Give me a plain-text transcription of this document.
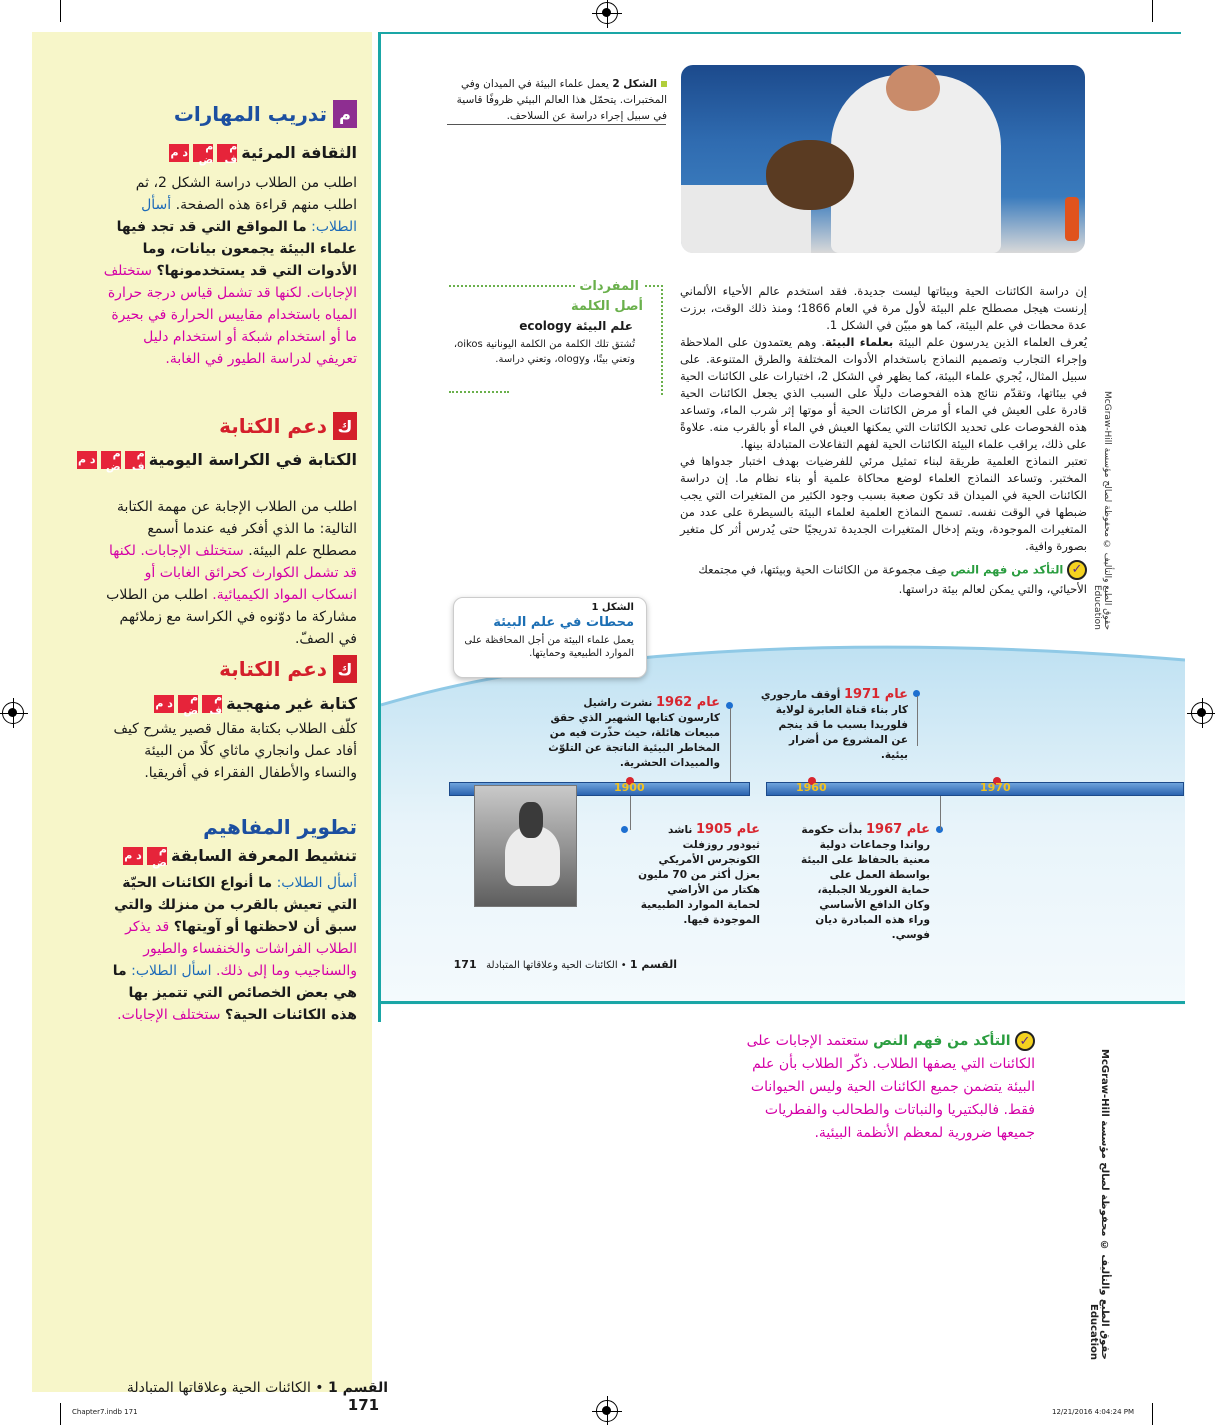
م
تدريب المهارات
الثقافة المرئية
م ف
م ض
د م
اطلب من الطلاب دراسة الشكل 2، ثم اطلب منهم قراءة هذه الصفحة. أسأل الطلاب: ما المواقع التي قد تجد فيها علماء البيئة يجمعون بيانات، وما الأدوات التي قد يستخدمونها؟ ستختلف الإجابات. لكنها قد تشمل قياس درجة حرارة المياه باستخدام مقاييس الحرارة في بحيرة ما أو استخدام شبكة أو استخدام دليل تعريفي لدراسة الطيور في الغابة.
ك
دعم الكتابة
الكتابة في الكراسة اليومية
م ف
م ض
د م
اطلب من الطلاب الإجابة عن مهمة الكتابة التالية: ما الذي أفكر فيه عندما أسمع مصطلح علم البيئة. ستختلف الإجابات. لكنها قد تشمل الكوارث كحرائق الغابات أو انسكاب المواد الكيميائية. اطلب من الطلاب مشاركة ما دوّنوه في الكراسة مع زملائهم في الصفّ.
ك
دعم الكتابة
كتابة غير منهجية
م ف
م ض
د م
كلّف الطلاب بكتابة مقال قصير يشرح كيف أفاد عمل وانجاري ماثاي كلًا من البيئة والنساء والأطفال الفقراء في أفريقيا.
تطوير المفاهيم
تنشيط المعرفة السابقة
م ض
د م
أسأل الطلاب: ما أنواع الكائنات الحيّة التي تعيش بالقرب من منزلك والتي سبق أن لاحظتها أو آويتها؟ قد يذكر الطلاب الفراشات والخنفساء والطيور والسناجيب وما إلى ذلك. اسأل الطلاب: ما هي بعض الخصائص التي تتميز بها هذه الكائنات الحية؟ ستختلف الإجابات.
الشكل 2 يعمل علماء البيئة في الميدان وفي المختبرات. يتحمّل هذا العالم البيئي ظروفًا قاسية في سبيل إجراء دراسة عن السلاحف.

إن دراسة الكائنات الحية وبيئاتها ليست جديدة. فقد استخدم عالم الأحياء الألماني إرنست هيجل مصطلح علم البيئة لأول مرة في العام 1866؛ ومنذ ذلك الوقت، برزت عدة محطات في علم البيئة، كما هو مبيّن في الشكل 1.

يُعرف العلماء الذين يدرسون علم البيئة بعلماء البيئة. وهم يعتمدون على الملاحظة وإجراء التجارب وتصميم النماذج باستخدام الأدوات المختلفة والطرق المتنوعة. على سبيل المثال، يُجري علماء البيئة، كما يظهر في الشكل 2، اختبارات على الكائنات الحية في بيئاتها، وتقدّم نتائج هذه الفحوصات دليلًا على السبب الذي يجعل الكائنات الحية قادرة على العيش في الماء أو مرض الكائنات الحية أو موتها إثر شرب الماء، وتساعد هذه الفحوصات على تحديد الكائنات التي يمكنها العيش في الماء أو بالقرب منه. علاوةً على ذلك، يراقب علماء البيئة الكائنات الحية لفهم التفاعلات المتبادلة بينها.

تعتبر النماذج العلمية طريقة لبناء تمثيل مرئي للفرضيات بهدف اختبار جدواها في المختبر. وتساعد النماذج العلماء لوضع محاكاة علمية أو بناء نظام ما. إن دراسة الكائنات الحية في الميدان قد تكون صعبة بسبب وجود الكثير من المتغيرات التي يجب ضبطها في الوقت نفسه. تسمح النماذج العلمية لعلماء البيئة بالسيطرة على عدد من المتغيرات الموجودة، ويتم إدخال المتغيرات الجديدة تدريجيًا حتى يُدرس أثر كل متغير بصورة وافية.

✓ التأكد من فهم النص صِف مجموعة من الكائنات الحية وبيئتها، في مجتمعك الأحيائي، والتي يمكن لعالم بيئة دراستها.
المفردات
أصل الكلمة
علم البيئة ecology
تُشتق تلك الكلمة من الكلمة اليونانية oikos، وتعني بيتًا، وology، وتعني دراسة.
حقوق الطبع والتأليف © محفوظة لصالح مؤسسة McGraw-Hill Education
الشكل 1
محطات في علم البيئة
يعمل علماء البيئة من أجل المحافظة على الموارد الطبيعية وحمايتها.
1900	1960	1970
عام 1962 نشرت راشيل كارسون كتابها الشهير الذي حقق مبيعات هائلة، حيث حذّرت فيه من المخاطر البيئية الناتجة عن التلوّث والمبيدات الحشرية.
عام 1971 أوقف مارجوري كار بناء قناة العابرة لولاية فلوريدا بسبب ما قد ينجم عن المشروع من أضرار بيئية.
عام 1905 ناشد ثيودور روزفلت الكونجرس الأمريكي بعزل أكثر من 70 مليون هكتار من الأراضي لحماية الموارد الطبيعية الموجودة فيها.
عام 1967 بدأت حكومة رواندا وجماعات دولية معنية بالحفاظ على البيئة بواسطة العمل على حماية الغوريلا الجبلية، وكان الدافع الأساسي وراء هذه المبادرة ديان فوسي.
القسم 1 • الكائنات الحية وعلاقاتها المتبادلة   171
✓ التأكد من فهم النص ستعتمد الإجابات على الكائنات التي يصفها الطلاب. ذكّر الطلاب بأن علم البيئة يتضمن جميع الكائنات الحية وليس الحيوانات فقط. فالبكتيريا والنباتات والطحالب والفطريات جميعها ضرورية لمعظم الأنظمة البيئية.
حقوق الطبع والتأليف © محفوظة لصالح مؤسسة McGraw-Hill Education
القسم 1 • الكائنات الحية وعلاقاتها المتبادلة   171
Chapter7.indb 171	12/21/2016 4:04:24 PM
